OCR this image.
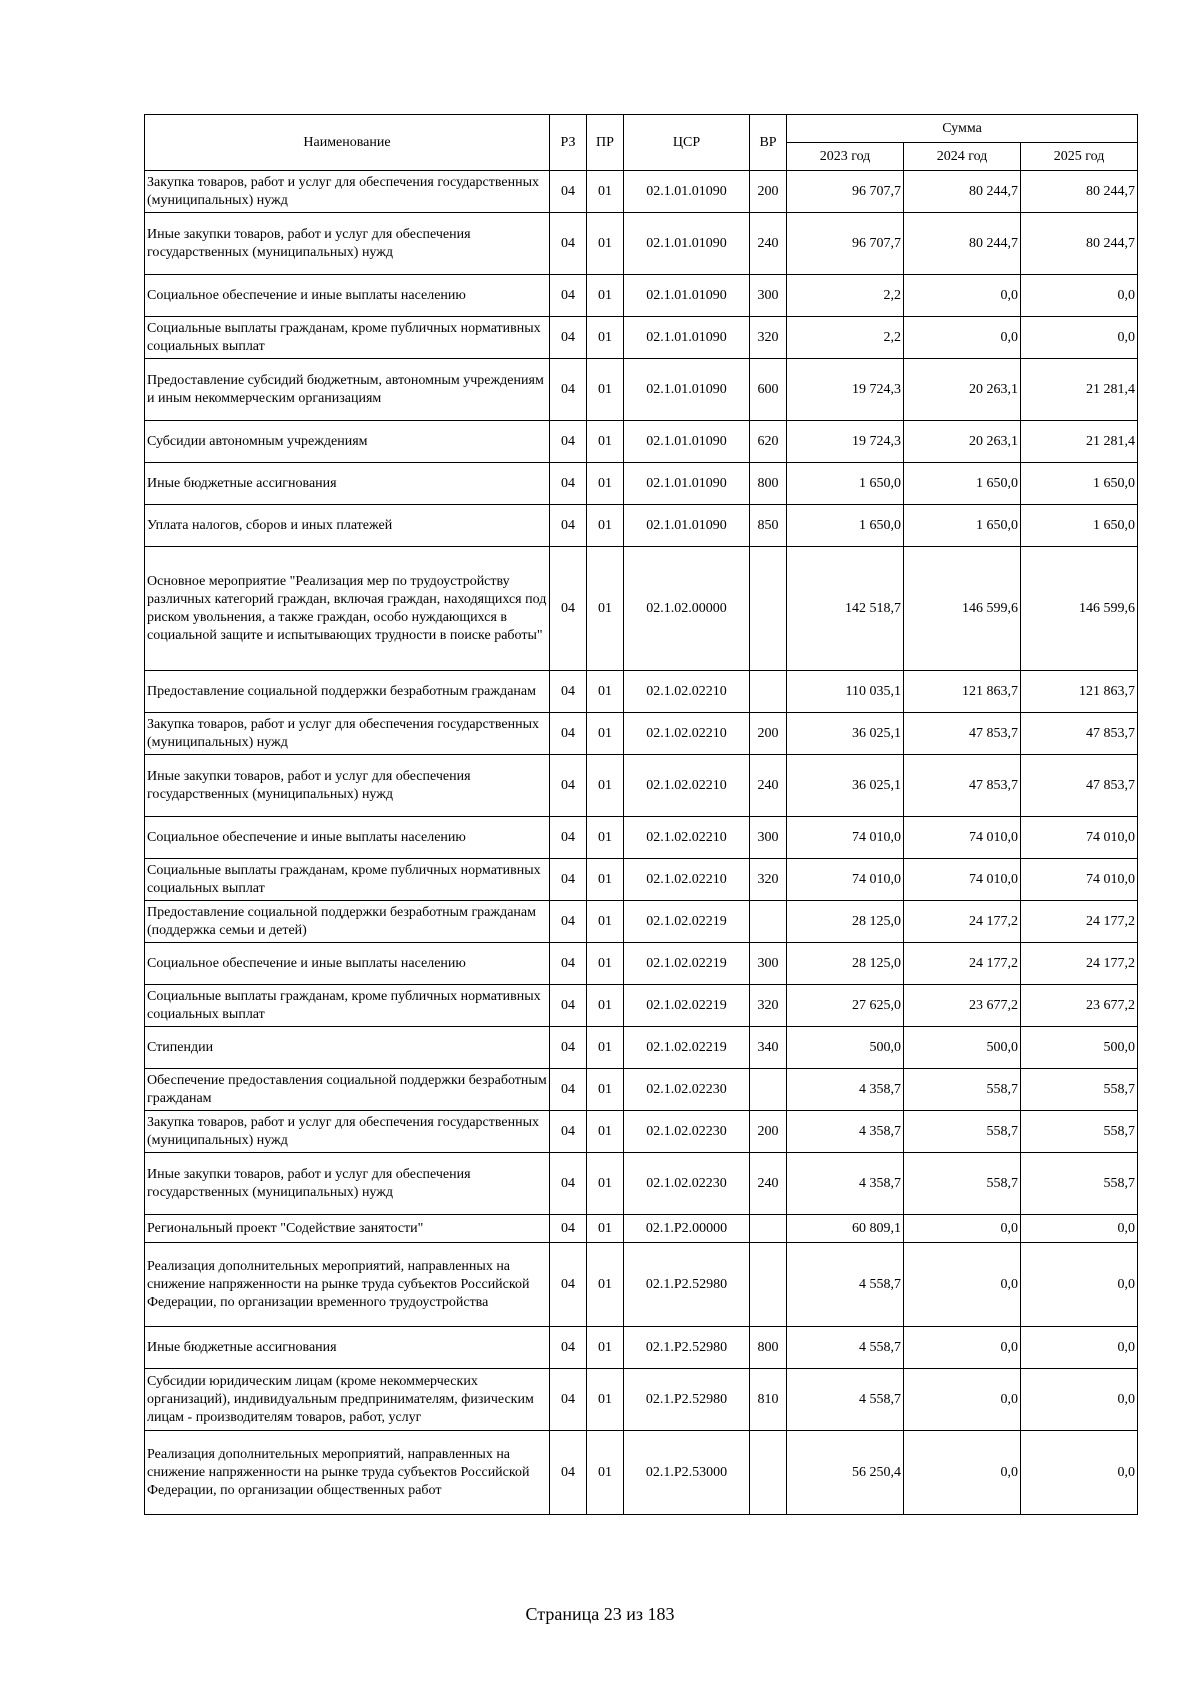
Наименование	РЗ	ПР	ЦСР	ВР	Сумма		
					2023 год	2024 год	2025 год
Закупка товаров, работ и услуг для обеспечения государственных (муниципальных) нужд	04	01	02.1.01.01090	200	96 707,7	80 244,7	80 244,7
Иные закупки товаров, работ и услуг для обеспечения государственных (муниципальных) нужд	04	01	02.1.01.01090	240	96 707,7	80 244,7	80 244,7
Социальное обеспечение и иные выплаты населению	04	01	02.1.01.01090	300	2,2	0,0	0,0
Социальные выплаты гражданам, кроме публичных нормативных социальных выплат	04	01	02.1.01.01090	320	2,2	0,0	0,0
Предоставление субсидий бюджетным, автономным учреждениям и иным некоммерческим организациям	04	01	02.1.01.01090	600	19 724,3	20 263,1	21 281,4
Субсидии автономным учреждениям	04	01	02.1.01.01090	620	19 724,3	20 263,1	21 281,4
Иные бюджетные ассигнования	04	01	02.1.01.01090	800	1 650,0	1 650,0	1 650,0
Уплата налогов, сборов и иных платежей	04	01	02.1.01.01090	850	1 650,0	1 650,0	1 650,0
Основное мероприятие "Реализация мер по трудоустройству различных категорий граждан, включая граждан, находящихся под риском увольнения, а также граждан, особо нуждающихся в социальной защите и испытывающих трудности в поиске работы"	04	01	02.1.02.00000		142 518,7	146 599,6	146 599,6
Предоставление социальной поддержки безработным гражданам	04	01	02.1.02.02210		110 035,1	121 863,7	121 863,7
Закупка товаров, работ и услуг для обеспечения государственных (муниципальных) нужд	04	01	02.1.02.02210	200	36 025,1	47 853,7	47 853,7
Иные закупки товаров, работ и услуг для обеспечения государственных (муниципальных) нужд	04	01	02.1.02.02210	240	36 025,1	47 853,7	47 853,7
Социальное обеспечение и иные выплаты населению	04	01	02.1.02.02210	300	74 010,0	74 010,0	74 010,0
Социальные выплаты гражданам, кроме публичных нормативных социальных выплат	04	01	02.1.02.02210	320	74 010,0	74 010,0	74 010,0
Предоставление социальной поддержки безработным гражданам (поддержка семьи и детей)	04	01	02.1.02.02219		28 125,0	24 177,2	24 177,2
Социальное обеспечение и иные выплаты населению	04	01	02.1.02.02219	300	28 125,0	24 177,2	24 177,2
Социальные выплаты гражданам, кроме публичных нормативных социальных выплат	04	01	02.1.02.02219	320	27 625,0	23 677,2	23 677,2
Стипендии	04	01	02.1.02.02219	340	500,0	500,0	500,0
Обеспечение предоставления социальной поддержки безработным гражданам	04	01	02.1.02.02230		4 358,7	558,7	558,7
Закупка товаров, работ и услуг для обеспечения государственных (муниципальных) нужд	04	01	02.1.02.02230	200	4 358,7	558,7	558,7
Иные закупки товаров, работ и услуг для обеспечения государственных (муниципальных) нужд	04	01	02.1.02.02230	240	4 358,7	558,7	558,7
Региональный проект "Содействие занятости"	04	01	02.1.P2.00000		60 809,1	0,0	0,0
Реализация дополнительных мероприятий, направленных на снижение напряженности на рынке труда субъектов Российской Федерации, по организации временного трудоустройства	04	01	02.1.P2.52980		4 558,7	0,0	0,0
Иные бюджетные ассигнования	04	01	02.1.P2.52980	800	4 558,7	0,0	0,0
Субсидии юридическим лицам (кроме некоммерческих организаций), индивидуальным предпринимателям, физическим лицам - производителям товаров, работ, услуг	04	01	02.1.P2.52980	810	4 558,7	0,0	0,0
Реализация дополнительных мероприятий, направленных на снижение напряженности на рынке труда субъектов Российской Федерации, по организации общественных работ	04	01	02.1.P2.53000		56 250,4	0,0	0,0
Страница 23 из 183
